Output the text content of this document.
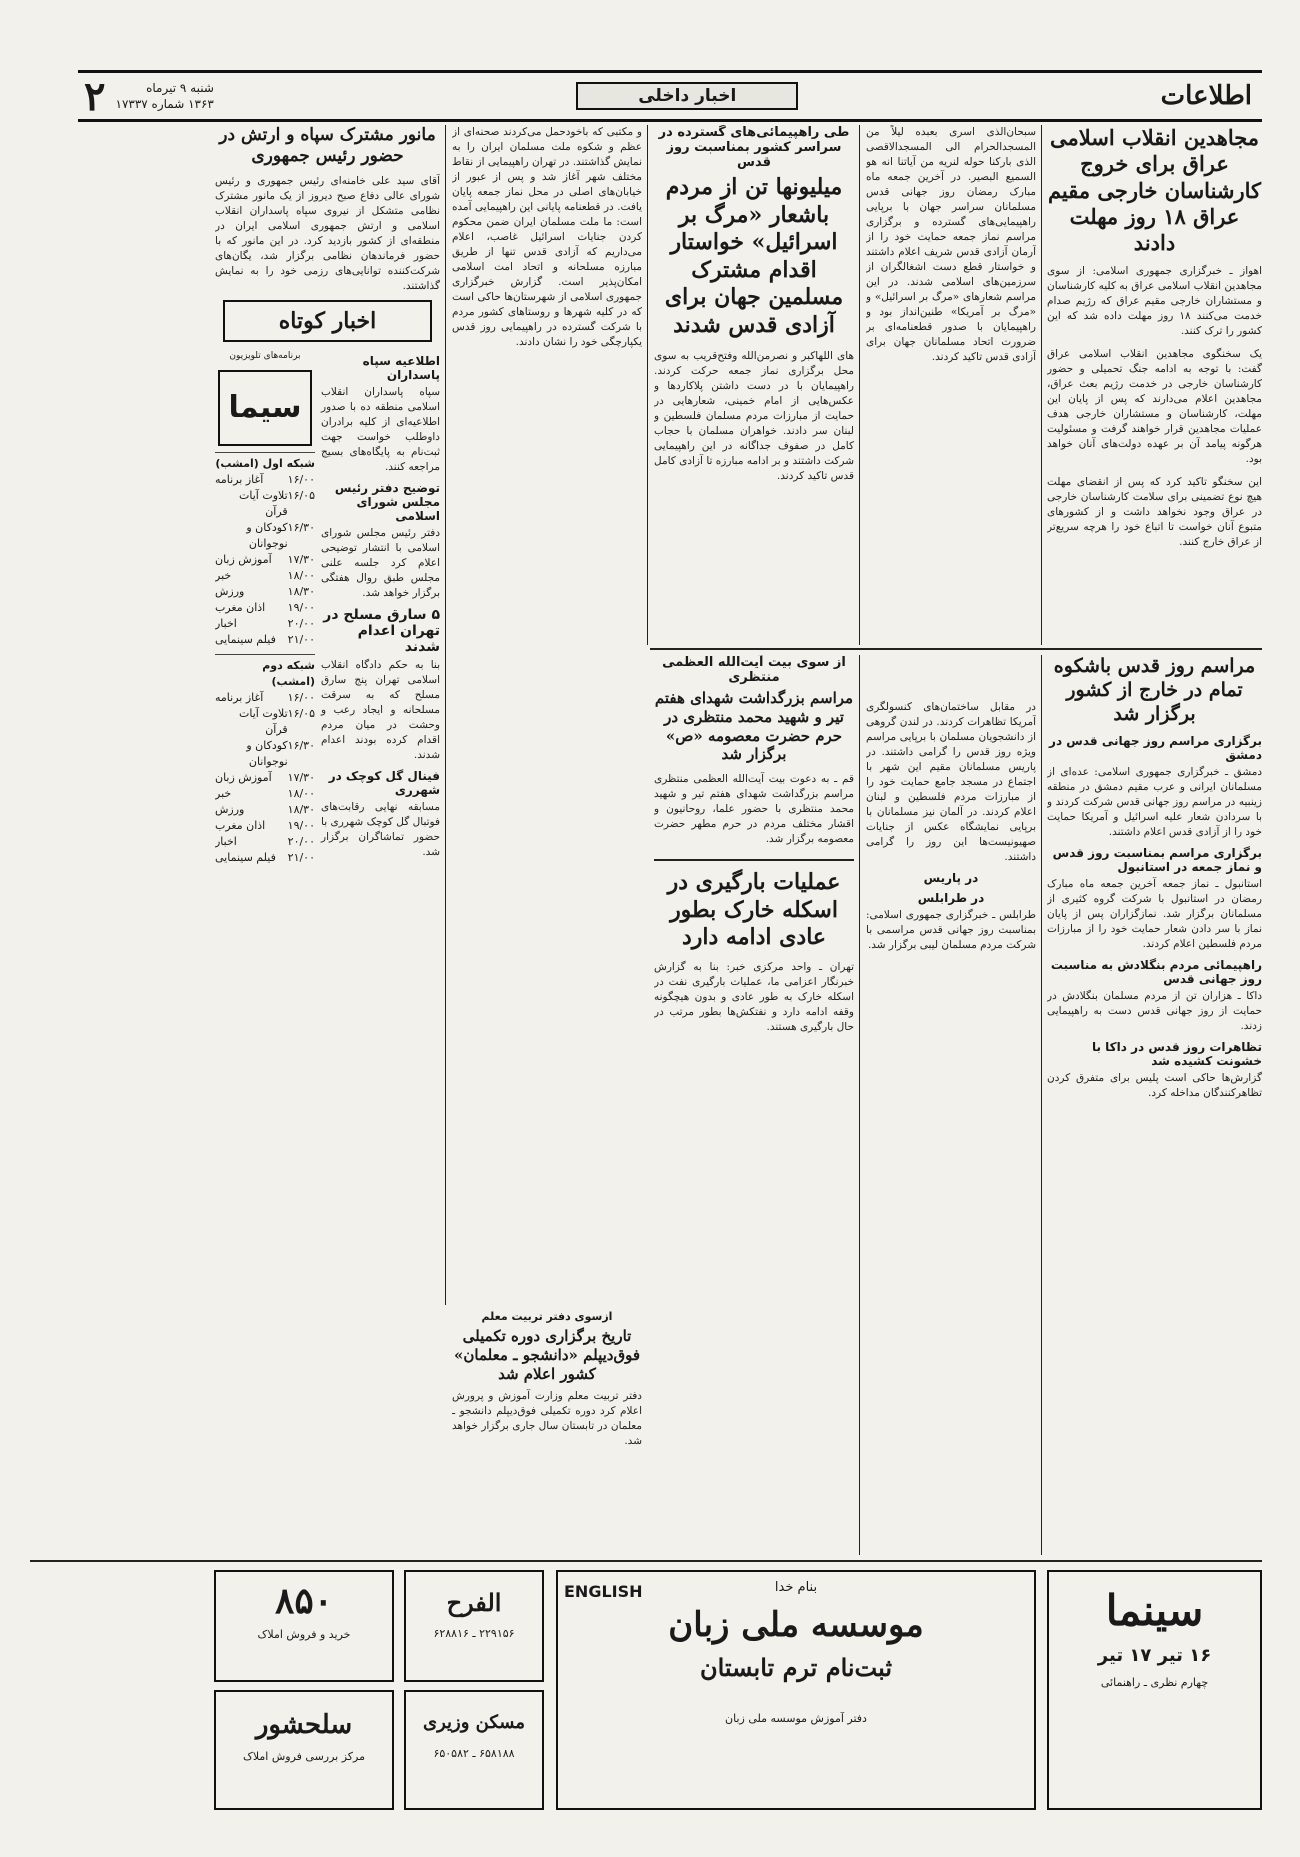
اطلاعات
اخبار داخلی
شنبه ۹ تیرماه
۱۳۶۳ شماره ۱۷۳۳۷
۲
مجاهدین انقلاب اسلامی عراق برای خروج کارشناسان خارجی مقیم عراق ۱۸ روز مهلت دادند
اهواز ـ خبرگزاری جمهوری اسلامی: از سوی مجاهدین انقلاب اسلامی عراق به کلیه کارشناسان و مستشاران خارجی مقیم عراق که رژیم صدام خدمت می‌کنند ۱۸ روز مهلت داده شد که این کشور را ترک کنند.
یک سخنگوی مجاهدین انقلاب اسلامی عراق گفت: با توجه به ادامه جنگ تحمیلی و حضور کارشناسان خارجی در خدمت رژیم بعث عراق، مجاهدین اعلام می‌دارند که پس از پایان این مهلت، کارشناسان و مستشاران خارجی هدف عملیات مجاهدین قرار خواهند گرفت و مسئولیت هرگونه پیامد آن بر عهده دولت‌های آنان خواهد بود.
این سخنگو تاکید کرد که پس از انقضای مهلت هیچ نوع تضمینی برای سلامت کارشناسان خارجی در عراق وجود نخواهد داشت و از کشورهای متبوع آنان خواست تا اتباع خود را هرچه سریع‌تر از عراق خارج کنند.
سبحان‌الذی اسری بعبده لیلاً من المسجدالحرام الی المسجدالاقصی الذی بارکنا حوله لنریه من آیاتنا انه هو السمیع البصیر. در آخرین جمعه ماه مبارک رمضان روز جهانی قدس مسلمانان سراسر جهان با برپایی راهپیمایی‌های گسترده و برگزاری مراسم نماز جمعه حمایت خود را از آرمان آزادی قدس شریف اعلام داشتند و خواستار قطع دست اشغالگران از سرزمین‌های اسلامی شدند. در این مراسم شعارهای «مرگ بر اسرائیل» و «مرگ بر آمریکا» طنین‌انداز بود و راهپیمایان با صدور قطعنامه‌ای بر ضرورت اتحاد مسلمانان جهان برای آزادی قدس تاکید کردند.
طی راهپیمائی‌های گسترده در سراسر کشور بمناسبت روز قدس
میلیونها تن از مردم باشعار «مرگ بر اسرائیل» خواستار اقدام مشترک مسلمین جهان برای آزادی قدس شدند
های اللهاکبر و نصرمن‌الله وفتح‌قریب به سوی محل برگزاری نماز جمعه حرکت کردند. راهپیمایان با در دست داشتن پلاکاردها و عکس‌هایی از امام خمینی، شعارهایی در حمایت از مبارزات مردم مسلمان فلسطین و لبنان سر دادند. خواهران مسلمان با حجاب کامل در صفوف جداگانه در این راهپیمایی شرکت داشتند و بر ادامه مبارزه تا آزادی کامل قدس تاکید کردند.
و مکتبی که باخودحمل می‌کردند صحنه‌ای از عظم و شکوه ملت مسلمان ایران را به نمایش گذاشتند. در تهران راهپیمایی از نقاط مختلف شهر آغاز شد و پس از عبور از خیابان‌های اصلی در محل نماز جمعه پایان یافت. در قطعنامه پایانی این راهپیمایی آمده است: ما ملت مسلمان ایران ضمن محکوم کردن جنایات اسرائیل غاصب، اعلام می‌داریم که آزادی قدس تنها از طریق مبارزه مسلحانه و اتحاد امت اسلامی امکان‌پذیر است. گزارش خبرگزاری جمهوری اسلامی از شهرستان‌ها حاکی است که در کلیه شهرها و روستاهای کشور مردم با شرکت گسترده در راهپیمایی روز قدس یکپارچگی خود را نشان دادند.
مانور مشترک سپاه و ارتش در حضور رئیس جمهوری
آقای سید علی خامنه‌ای رئیس جمهوری و رئیس شورای عالی دفاع صبح دیروز از یک مانور مشترک نظامی متشکل از نیروی سپاه پاسداران انقلاب اسلامی و ارتش جمهوری اسلامی ایران در منطقه‌ای از کشور بازدید کرد. در این مانور که با حضور فرماندهان نظامی برگزار شد، یگان‌های شرکت‌کننده توانایی‌های رزمی خود را به نمایش گذاشتند.
اخبار کوتاه
اطلاعیه سپاه پاسداران
سپاه پاسداران انقلاب اسلامی منطقه ده با صدور اطلاعیه‌ای از کلیه برادران داوطلب خواست جهت ثبت‌نام به پایگاه‌های بسیج مراجعه کنند.
توضیح دفتر رئیس مجلس شورای اسلامی
دفتر رئیس مجلس شورای اسلامی با انتشار توضیحی اعلام کرد جلسه علنی مجلس طبق روال هفتگی برگزار خواهد شد.
۵ سارق مسلح در تهران اعدام شدند
بنا به حکم دادگاه انقلاب اسلامی تهران پنج سارق مسلح که به سرقت مسلحانه و ایجاد رعب و وحشت در میان مردم اقدام کرده بودند اعدام شدند.
فینال گل کوچک در شهرری
مسابقه نهایی رقابت‌های فوتبال گل کوچک شهرری با حضور تماشاگران برگزار شد.
برنامه‌های تلویزیون
سیما
شبکه اول (امشب)
۱۶/۰۰
آغاز برنامه
۱۶/۰۵
تلاوت آیات قرآن
۱۶/۳۰
کودکان و نوجوانان
۱۷/۳۰
آموزش زبان
۱۸/۰۰
خبر
۱۸/۳۰
ورزش
۱۹/۰۰
اذان مغرب
۲۰/۰۰
اخبار
۲۱/۰۰
فیلم سینمایی
شبکه دوم (امشب)
۱۶/۰۰
آغاز برنامه
۱۶/۰۵
تلاوت آیات قرآن
۱۶/۳۰
کودکان و نوجوانان
۱۷/۳۰
آموزش زبان
۱۸/۰۰
خبر
۱۸/۳۰
ورزش
۱۹/۰۰
اذان مغرب
۲۰/۰۰
اخبار
۲۱/۰۰
فیلم سینمایی
مراسم روز قدس باشکوه تمام در خارج از کشور برگزار شد
برگزاری مراسم روز جهانی قدس در دمشق
دمشق ـ خبرگزاری جمهوری اسلامی: عده‌ای از مسلمانان ایرانی و عرب مقیم دمشق در منطقه زینبیه در مراسم روز جهانی قدس شرکت کردند و با سردادن شعار علیه اسرائیل و آمریکا حمایت خود را از آزادی قدس اعلام داشتند.
برگزاری مراسم بمناسبت روز قدس و نماز جمعه در استانبول
استانبول ـ نماز جمعه آخرین جمعه ماه مبارک رمضان در استانبول با شرکت گروه کثیری از مسلمانان برگزار شد. نمازگزاران پس از پایان نماز با سر دادن شعار حمایت خود را از مبارزات مردم فلسطین اعلام کردند.
راهپیمائی مردم بنگلادش به مناسبت روز جهانی قدس
داکا ـ هزاران تن از مردم مسلمان بنگلادش در حمایت از روز جهانی قدس دست به راهپیمایی زدند.
تظاهرات روز قدس در داکا با خشونت کشیده شد
گزارش‌ها حاکی است پلیس برای متفرق کردن تظاهرکنندگان مداخله کرد.
در مقابل ساختمان‌های کنسولگری آمریکا تظاهرات کردند. در لندن گروهی از دانشجویان مسلمان با برپایی مراسم ویژه روز قدس را گرامی داشتند. در پاریس مسلمانان مقیم این شهر با اجتماع در مسجد جامع حمایت خود را از مبارزات مردم فلسطین و لبنان اعلام کردند. در آلمان نیز مسلمانان با برپایی نمایشگاه عکس از جنایات صهیونیست‌ها این روز را گرامی داشتند.
در پاریس
در طرابلس
طرابلس ـ خبرگزاری جمهوری اسلامی: بمناسبت روز جهانی قدس مراسمی با شرکت مردم مسلمان لیبی برگزار شد.
از سوی بیت آیت‌الله العظمی منتظری
مراسم بزرگداشت شهدای هفتم تیر و شهید محمد منتظری در حرم حضرت معصومه «ص» برگزار شد
قم ـ به دعوت بیت آیت‌الله العظمی منتظری مراسم بزرگداشت شهدای هفتم تیر و شهید محمد منتظری با حضور علما، روحانیون و اقشار مختلف مردم در حرم مطهر حضرت معصومه برگزار شد.
عملیات بارگیری در اسکله خارک بطور عادی ادامه دارد
تهران ـ واحد مرکزی خبر: بنا به گزارش خبرنگار اعزامی ما، عملیات بارگیری نفت در اسکله خارک به طور عادی و بدون هیچگونه وقفه ادامه دارد و نفتکش‌ها بطور مرتب در حال بارگیری هستند.
ازسوی دفتر تربیت معلم
تاریخ برگزاری دوره تکمیلی فوق‌دیپلم «دانشجو ـ معلمان» کشور اعلام شد
دفتر تربیت معلم وزارت آموزش و پرورش اعلام کرد دوره تکمیلی فوق‌دیپلم دانشجو ـ معلمان در تابستان سال جاری برگزار خواهد شد.
سینما
۱۶ تیر ۱۷ تیر
چهارم نظری ـ راهنمائی
بنام خدا
موسسه ملی زبان
ثبت‌نام ترم تابستان
دفتر آموزش موسسه ملی زبان
ENGLISH
مسکن وزیری
۶۵۸۱۸۸ ـ ۶۵۰۵۸۲
الفرح
۲۲۹۱۵۶ ـ ۶۲۸۸۱۶
۸۵۰
خرید و فروش املاک
سلحشور
مرکز بررسی فروش املاک
